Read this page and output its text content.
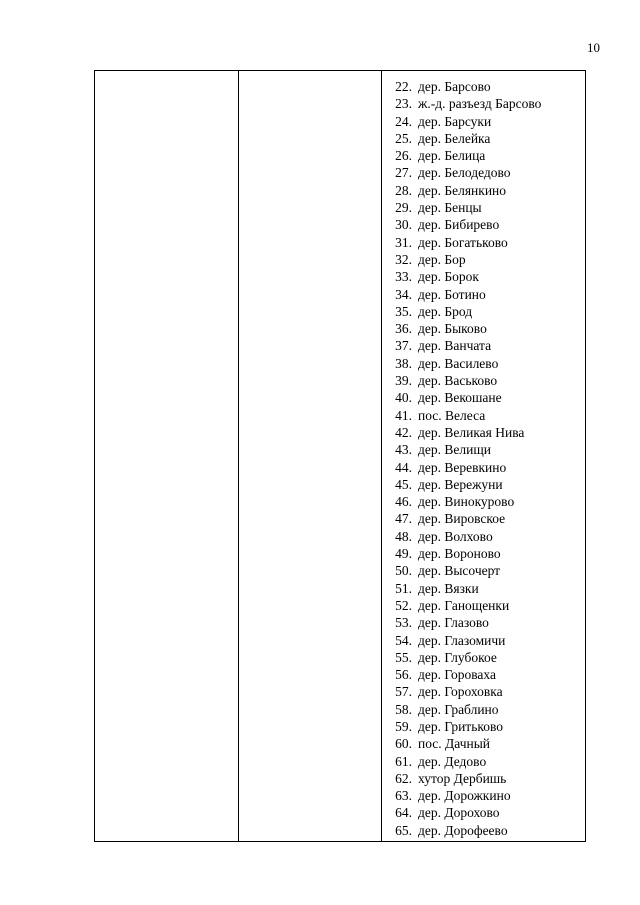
10
22. дер. Барсово
23. ж.-д. разъезд Барсово
24. дер. Барсуки
25. дер. Белейка
26. дер. Белица
27. дер. Белодедово
28. дер. Белянкино
29. дер. Бенцы
30. дер. Бибирево
31. дер. Богатьково
32. дер. Бор
33. дер. Борок
34. дер. Ботино
35. дер. Брод
36. дер. Быково
37. дер. Ванчата
38. дер. Василево
39. дер. Васьково
40. дер. Векошане
41. пос. Велеса
42. дер. Великая Нива
43. дер. Велищи
44. дер. Веревкино
45. дер. Вережуни
46. дер. Винокурово
47. дер. Вировское
48. дер. Волхово
49. дер. Вороново
50. дер. Высочерт
51. дер. Вязки
52. дер. Ганощенки
53. дер. Глазово
54. дер. Глазомичи
55. дер. Глубокое
56. дер. Гороваха
57. дер. Гороховка
58. дер. Граблино
59. дер. Гритьково
60. пос. Дачный
61. дер. Дедово
62. хутор Дербишь
63. дер. Дорожкино
64. дер. Дорохово
65. дер. Дорофеево
